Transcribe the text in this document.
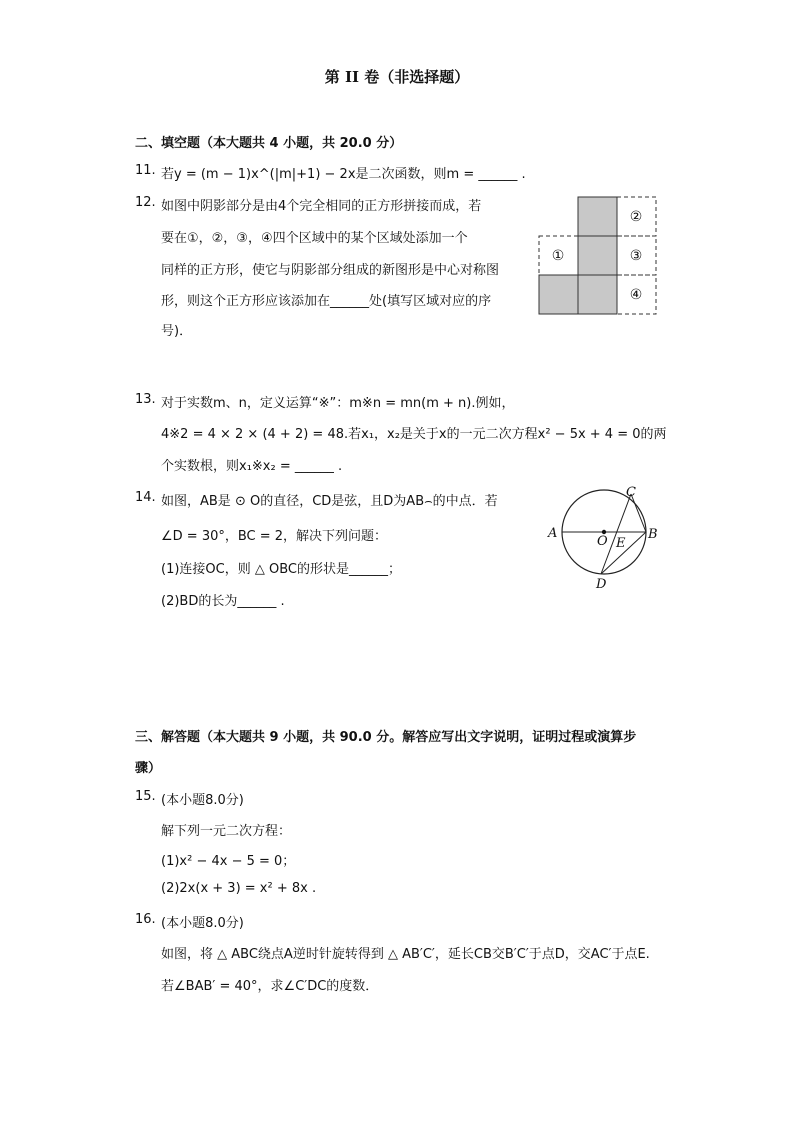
第 II 卷（非选择题）
二、填空题（本大题共 4 小题，共 20.0 分）
11. 若y = (m − 1)x^(|m|+1) − 2x是二次函数，则m = ______ .
12. 如图中阴影部分是由4个完全相同的正方形拼接而成，若
要在①，②，③，④四个区域中的某个区域处添加一个
同样的正方形，使它与阴影部分组成的新图形是中心对称图
形，则这个正方形应该添加在______处(填写区域对应的序
号)．
①
②
③
④
13. 对于实数m、n，定义运算“※”：m※n = mn(m + n).例如，
4※2 = 4 × 2 × (4 + 2) = 48.若x₁，x₂是关于x的一元二次方程x² − 5x + 4 = 0的两
个实数根，则x₁※x₂ = ______ .
14. 如图，AB是 ⊙ O的直径，CD是弦，且D为AB⌢的中点．若
∠D = 30°，BC = 2，解决下列问题：
(1)连接OC，则 △ OBC的形状是______；
(2)BD的长为______ .
A	B
C
D
O E
三、解答题（本大题共 9 小题，共 90.0 分。解答应写出文字说明，证明过程或演算步
骤）
15. (本小题8.0分)
解下列一元二次方程：
(1)x² − 4x − 5 = 0；
(2)2x(x + 3) = x² + 8x .
16. (本小题8.0分)
如图，将 △ ABC绕点A逆时针旋转得到 △ AB′C′，延长CB交B′C′于点D，交AC′于点E.
若∠BAB′ = 40°，求∠C′DC的度数．
